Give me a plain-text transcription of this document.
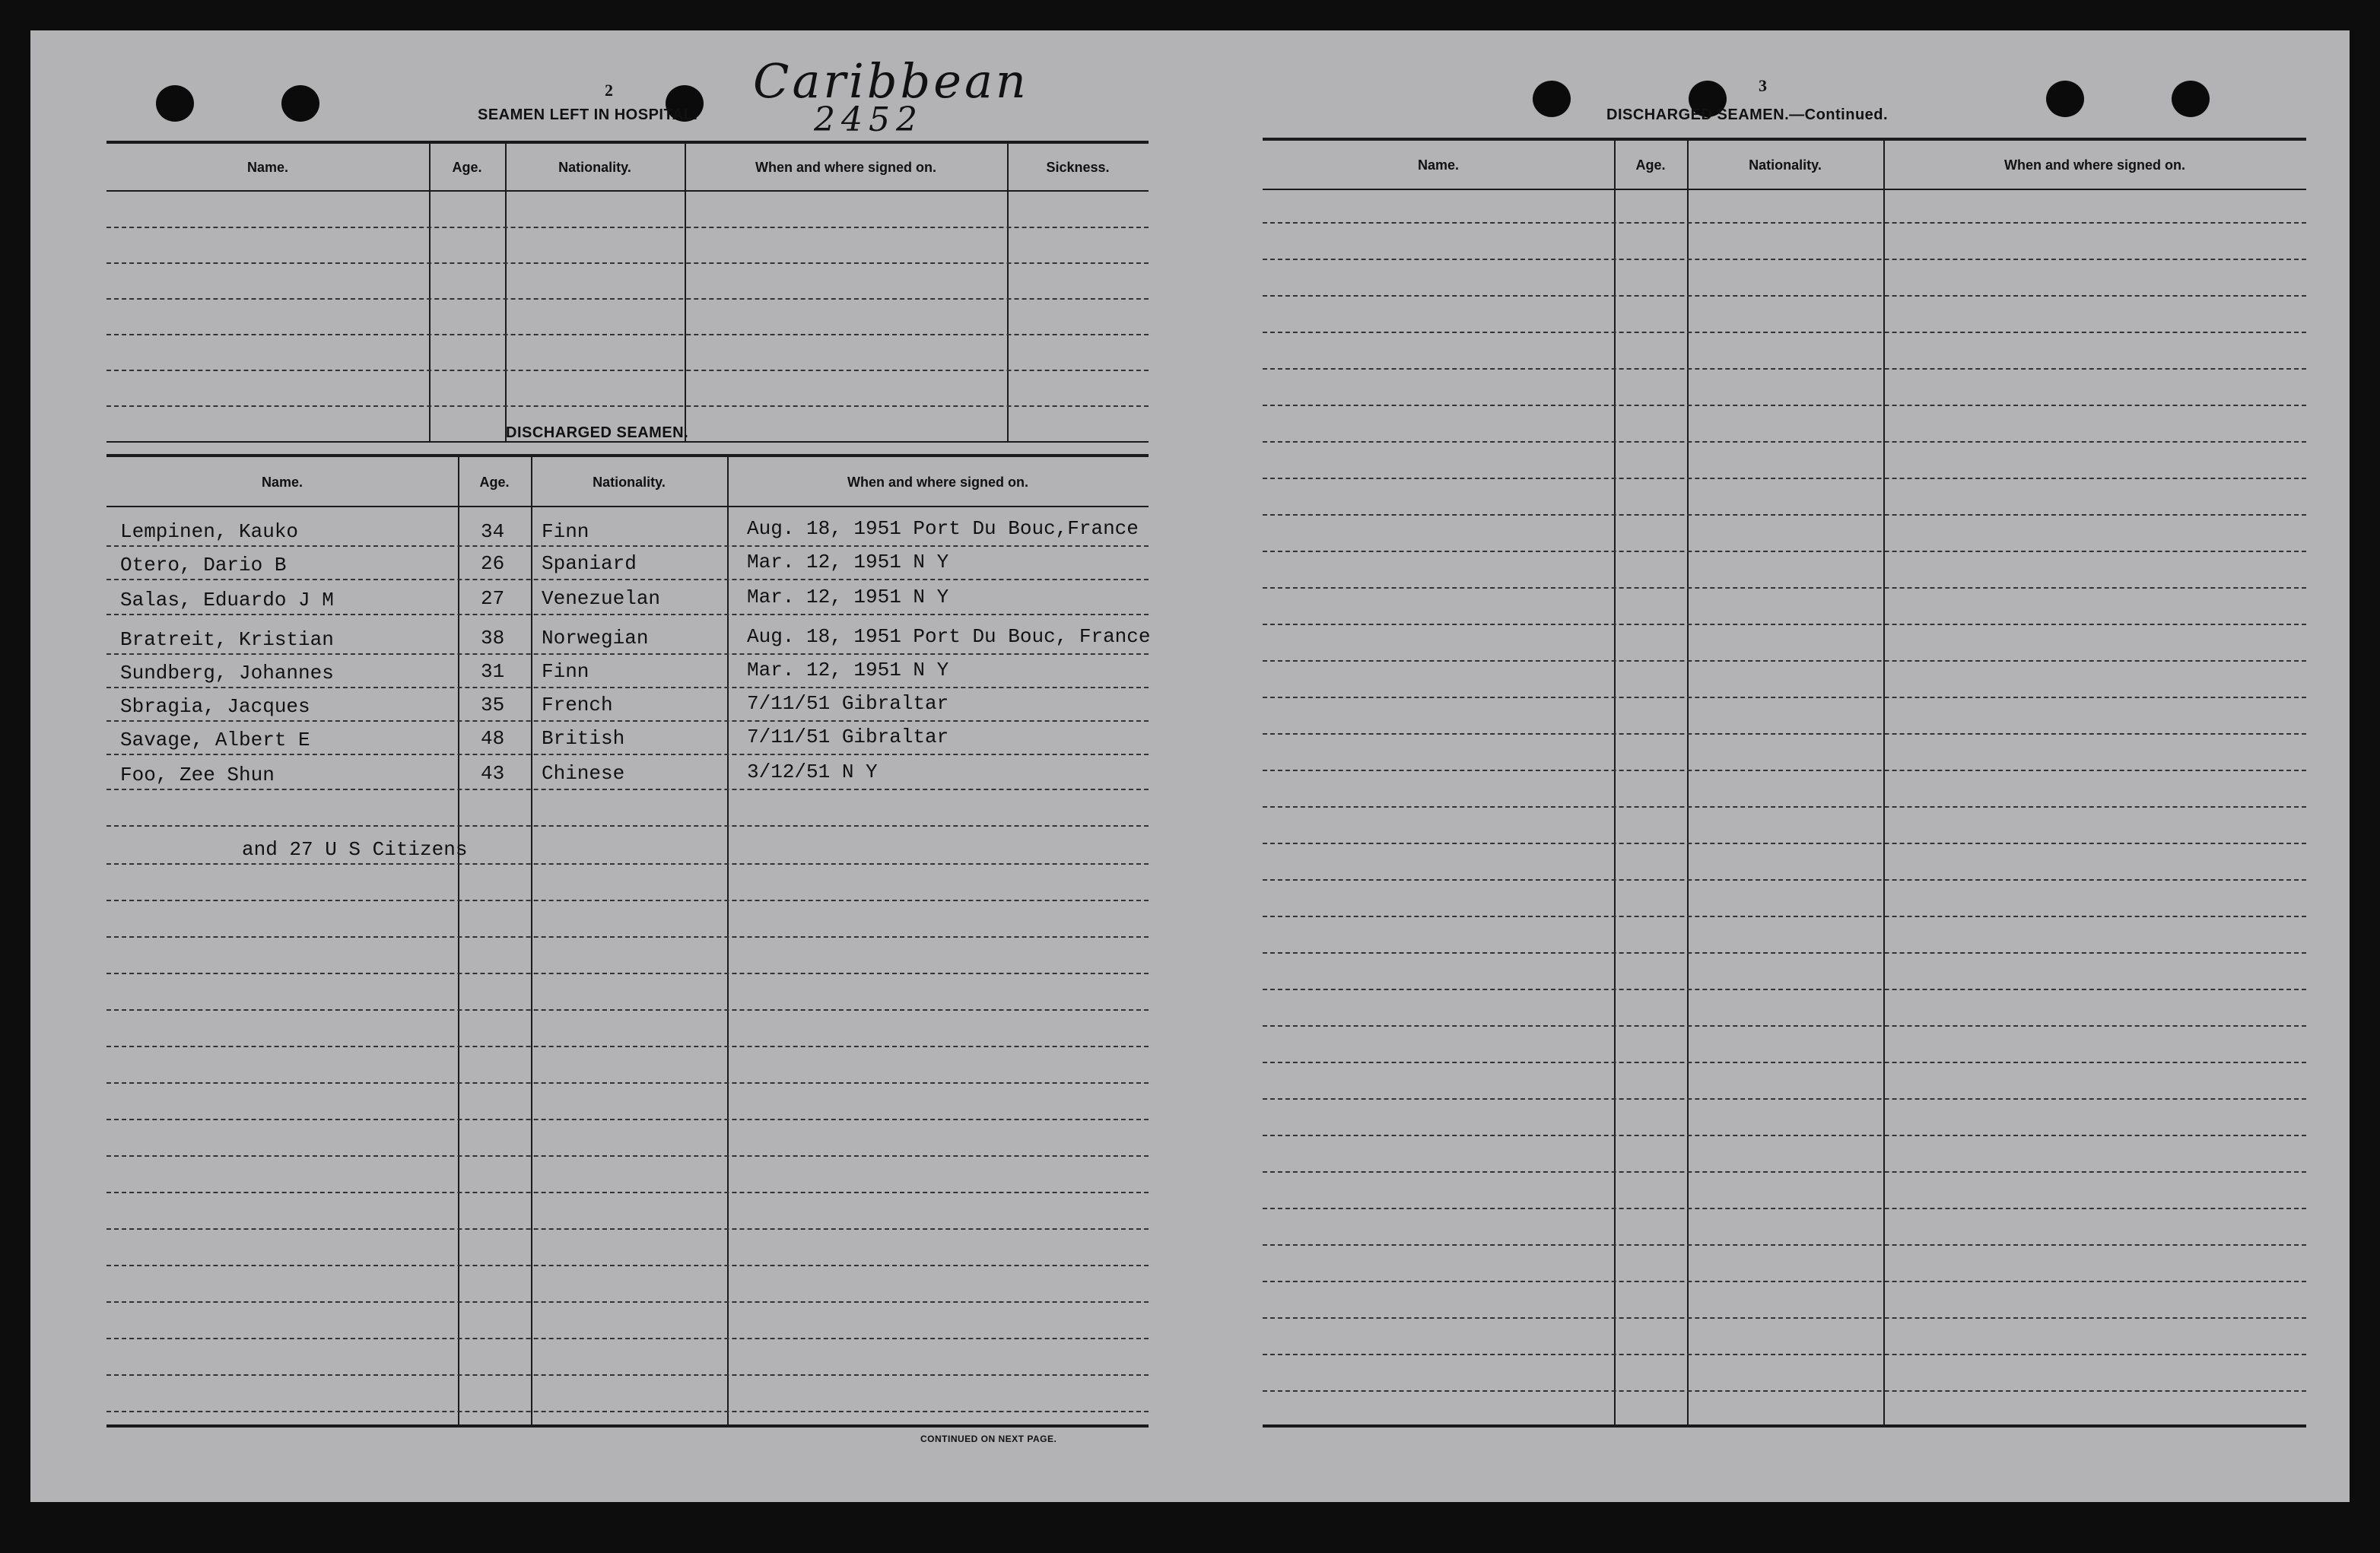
2	Caribbean
2452
SEAMEN LEFT IN HOSPITAL.
Name.	Age.	Nationality.	When and where signed on.	Sickness.
DISCHARGED SEAMEN.
Name.	Age.	Nationality.	When and where signed on.
Lempinen, Kauko	34 Finn	Aug. 18, 1951 Port Du Bouc,France
Otero, Dario B	26 Spaniard	Mar. 12, 1951 N Y
Salas, Eduardo J M	27 Venezuelan	Mar. 12, 1951 N Y
Bratreit, Kristian	38 Norwegian	Aug. 18, 1951 Port Du Bouc, France
Sundberg, Johannes	31 Finn	Mar. 12, 1951 N Y
Sbragia, Jacques	35 French	7/11/51 Gibraltar
Savage, Albert E	48 British	7/11/51 Gibraltar
Foo, Zee Shun	43 Chinese	3/12/51 N Y
and 27 U S Citizens
CONTINUED ON NEXT PAGE.
3
DISCHARGED SEAMEN.—Continued.
Name.	Age.	Nationality.	When and where signed on.
